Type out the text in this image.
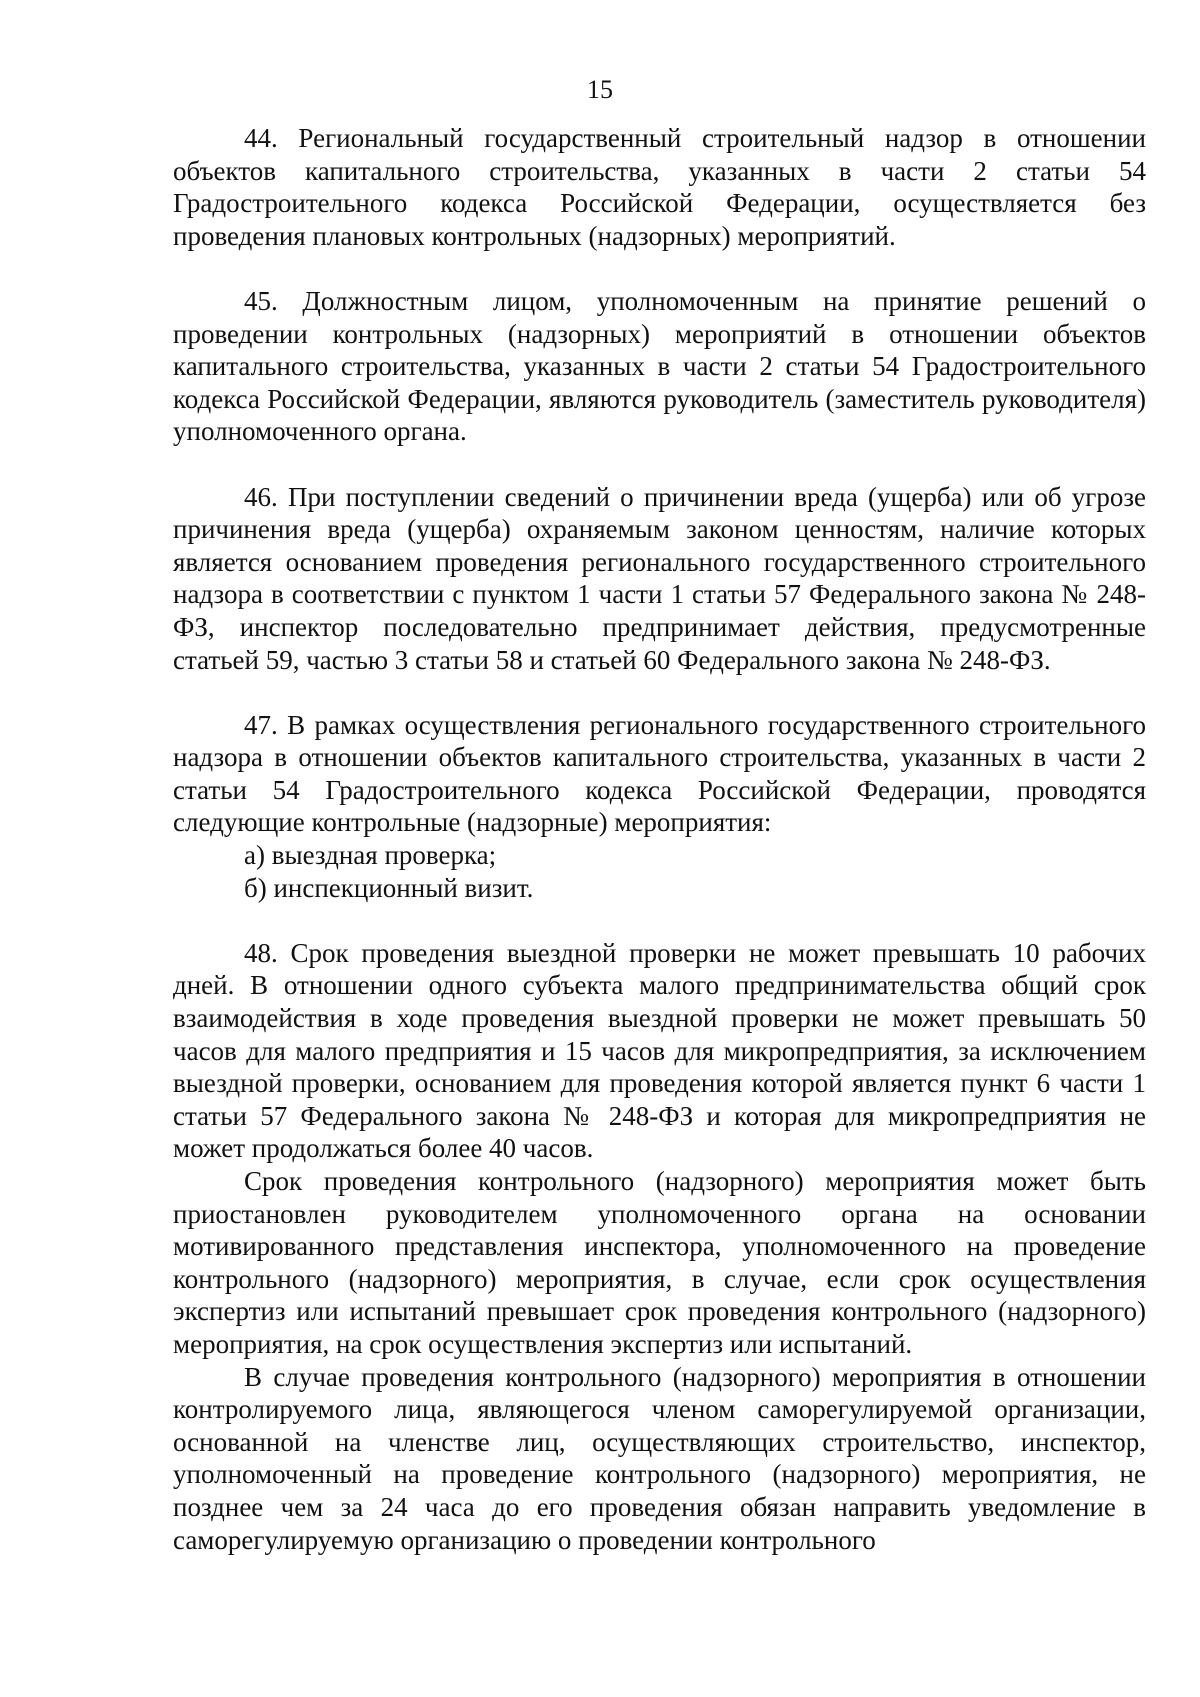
15

44. Региональный государственный строительный надзор в отношении объектов капитального строительства, указанных в части 2 статьи 54 Градостроительного кодекса Российской Федерации, осуществляется без проведения плановых контрольных (надзорных) мероприятий.

45. Должностным лицом, уполномоченным на принятие решений о проведении контрольных (надзорных) мероприятий в отношении объектов капитального строительства, указанных в части 2 статьи 54 Градостроительного кодекса Российской Федерации, являются руководитель (заместитель руководителя) уполномоченного органа.

46. При поступлении сведений о причинении вреда (ущерба) или об угрозе причинения вреда (ущерба) охраняемым законом ценностям, наличие которых является основанием проведения регионального государственного строительного надзора в соответствии с пунктом 1 части 1 статьи 57 Федерального закона № 248-ФЗ, инспектор последовательно предпринимает действия, предусмотренные статьей 59, частью 3 статьи 58 и статьей 60 Федерального закона № 248-ФЗ.

47. В рамках осуществления регионального государственного строительного надзора в отношении объектов капитального строительства, указанных в части 2 статьи 54 Градостроительного кодекса Российской Федерации, проводятся следующие контрольные (надзорные) мероприятия:

а) выездная проверка;

б) инспекционный визит.

48. Срок проведения выездной проверки не может превышать 10 рабочих дней. В отношении одного субъекта малого предпринимательства общий срок взаимодействия в ходе проведения выездной проверки не может превышать 50 часов для малого предприятия и 15 часов для микропредприятия, за исключением выездной проверки, основанием для проведения которой является пункт 6 части 1 статьи 57 Федерального закона № 248-ФЗ и которая для микропредприятия не может продолжаться более 40 часов.

Срок проведения контрольного (надзорного) мероприятия может быть приостановлен руководителем уполномоченного органа на основании мотивированного представления инспектора, уполномоченного на проведение контрольного (надзорного) мероприятия, в случае, если срок осуществления экспертиз или испытаний превышает срок проведения контрольного (надзорного) мероприятия, на срок осуществления экспертиз или испытаний.

В случае проведения контрольного (надзорного) мероприятия в отношении контролируемого лица, являющегося членом саморегулируемой организации, основанной на членстве лиц, осуществляющих строительство, инспектор, уполномоченный на проведение контрольного (надзорного) мероприятия, не позднее чем за 24 часа до его проведения обязан направить уведомление в саморегулируемую организацию о проведении контрольного
